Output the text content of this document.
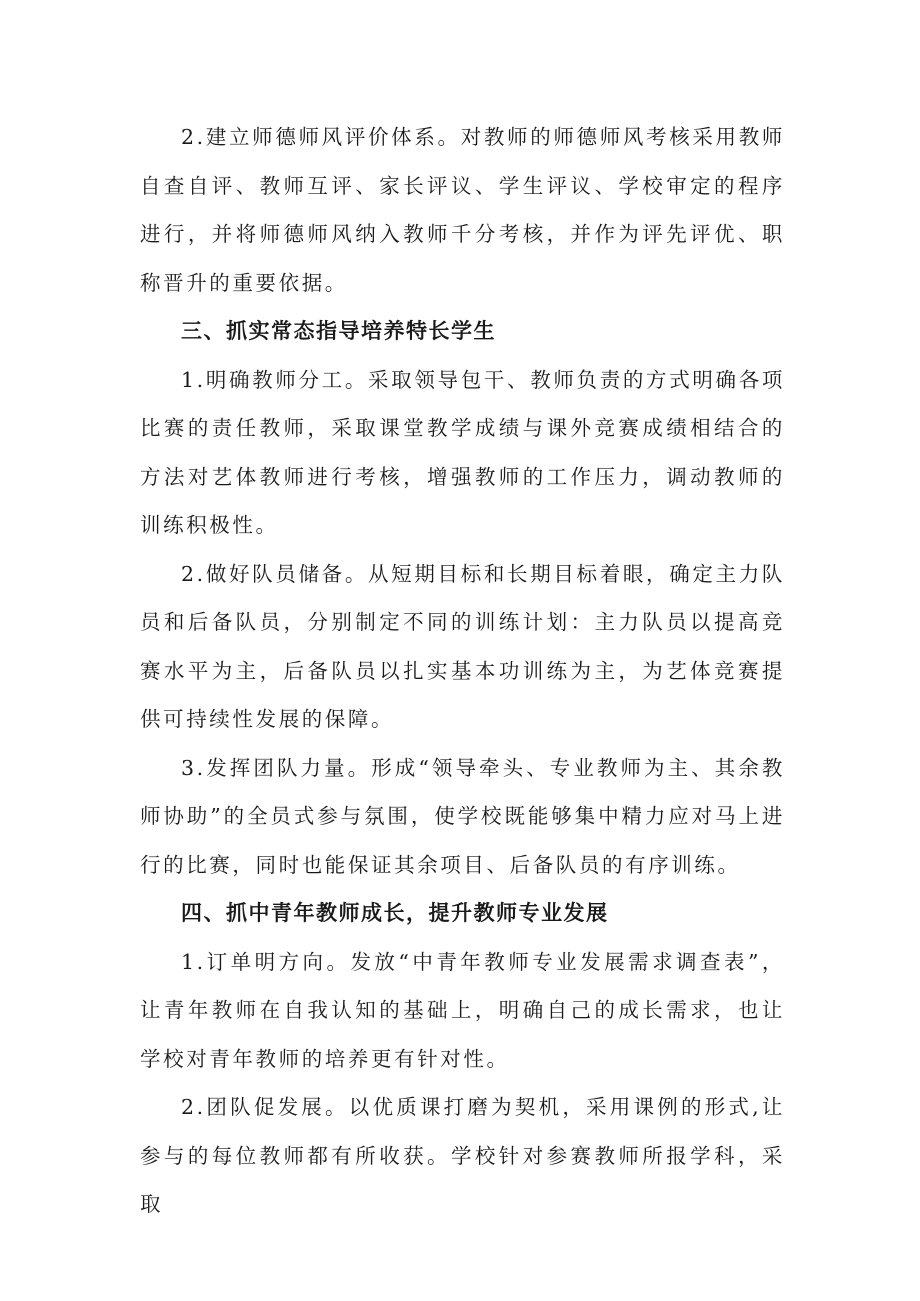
2.建立师德师风评价体系。对教师的师德师风考核采用教师自查自评、教师互评、家长评议、学生评议、学校审定的程序进行，并将师德师风纳入教师千分考核，并作为评先评优、职称晋升的重要依据。

三、抓实常态指导培养特长学生

1.明确教师分工。采取领导包干、教师负责的方式明确各项比赛的责任教师，采取课堂教学成绩与课外竞赛成绩相结合的方法对艺体教师进行考核，增强教师的工作压力，调动教师的训练积极性。

2.做好队员储备。从短期目标和长期目标着眼，确定主力队员和后备队员，分别制定不同的训练计划：主力队员以提高竞赛水平为主，后备队员以扎实基本功训练为主，为艺体竞赛提供可持续性发展的保障。

3.发挥团队力量。形成“领导牵头、专业教师为主、其余教师协助”的全员式参与氛围，使学校既能够集中精力应对马上进行的比赛，同时也能保证其余项目、后备队员的有序训练。

四、抓中青年教师成长，提升教师专业发展

1.订单明方向。发放“中青年教师专业发展需求调查表”，让青年教师在自我认知的基础上，明确自己的成长需求，也让学校对青年教师的培养更有针对性。

2.团队促发展。以优质课打磨为契机，采用课例的形式,让参与的每位教师都有所收获。学校针对参赛教师所报学科，采取
